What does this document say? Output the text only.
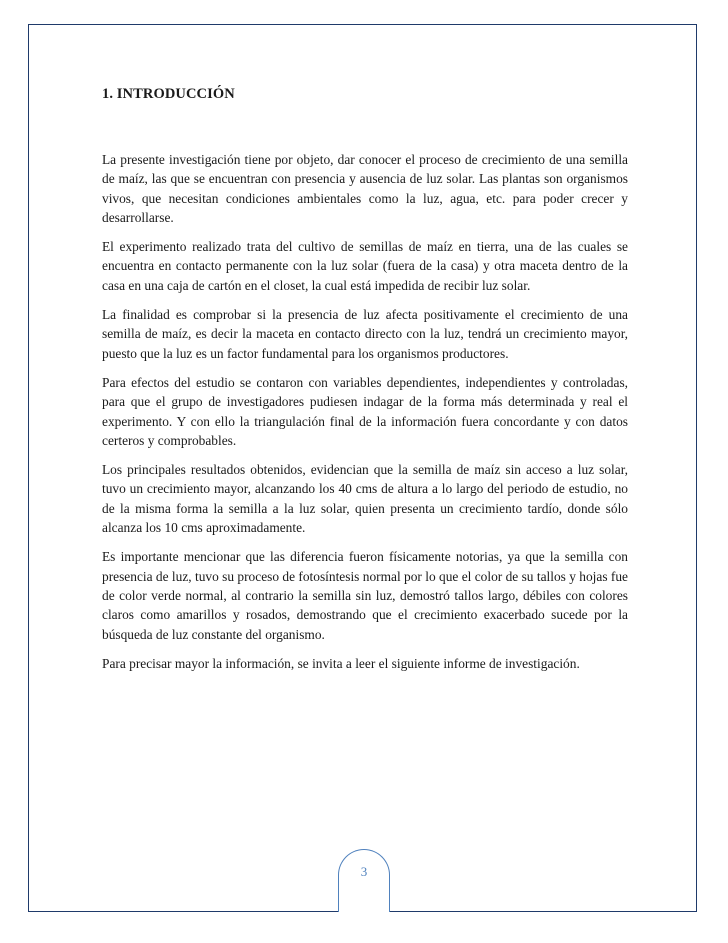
1. INTRODUCCIÓN

La presente investigación tiene por objeto, dar conocer el proceso de crecimiento de una semilla de maíz, las que se encuentran con presencia y ausencia de luz solar. Las plantas son organismos vivos, que necesitan condiciones ambientales como la luz, agua, etc. para poder crecer y desarrollarse.

El experimento realizado trata del cultivo de semillas de maíz en tierra, una de las cuales se encuentra en contacto permanente con la luz solar (fuera de la casa) y otra maceta dentro de la casa en una caja de cartón en el closet, la cual está impedida de recibir luz solar.

La finalidad es comprobar si la presencia de luz afecta positivamente el crecimiento de una semilla de maíz, es decir la maceta en contacto directo con la luz, tendrá un crecimiento mayor, puesto que la luz es un factor fundamental para los organismos productores.

Para efectos del estudio se contaron con variables dependientes, independientes y controladas, para que el grupo de investigadores pudiesen indagar de la forma más determinada y real el experimento. Y con ello la triangulación final de la información fuera concordante y con datos certeros y comprobables.

Los principales resultados obtenidos, evidencian que la semilla de maíz sin acceso a luz solar, tuvo un crecimiento mayor, alcanzando los 40 cms de altura a lo largo del periodo de estudio, no de la misma forma la semilla a la luz solar, quien presenta un crecimiento tardío, donde sólo alcanza los 10 cms aproximadamente.

Es importante mencionar que las diferencia fueron físicamente notorias, ya que la semilla con presencia de luz, tuvo su proceso de fotosíntesis normal por lo que el color de su tallos y hojas fue de color verde normal, al contrario la semilla sin luz, demostró tallos largo, débiles con colores claros como amarillos y rosados, demostrando que el crecimiento exacerbado sucede por la búsqueda de luz constante del organismo.

Para precisar mayor la información, se invita a leer el siguiente informe de investigación.

3
